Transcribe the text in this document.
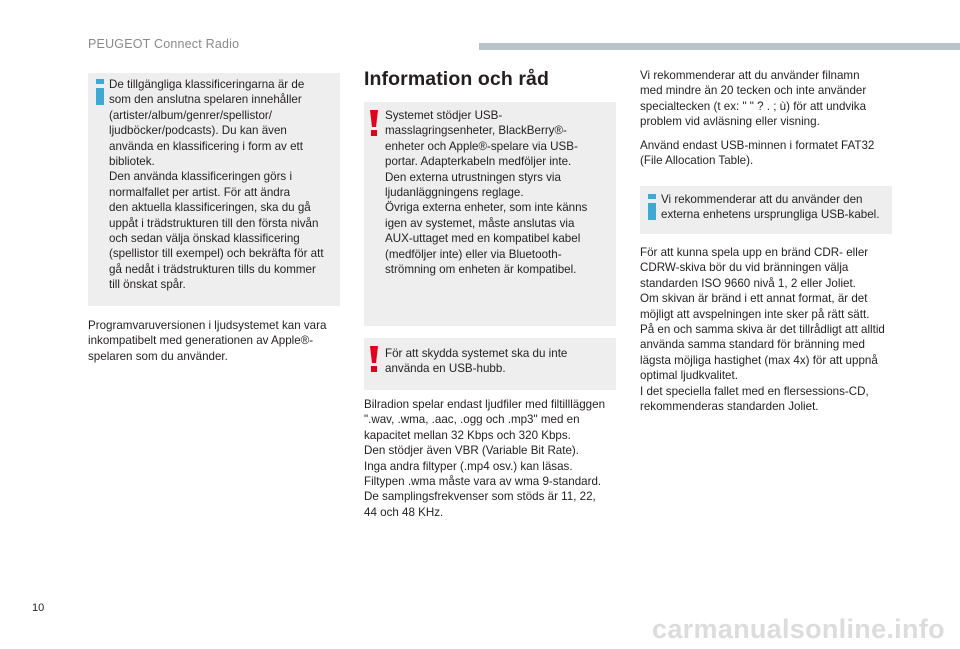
PEUGEOT Connect Radio

De tillgängliga klassificeringarna är de
som den anslutna spelaren innehåller
(artister/album/genrer/spellistor/
ljudböcker/podcasts). Du kan även
använda en klassificering i form av ett
bibliotek.
Den använda klassificeringen görs i
normalfallet per artist. För att ändra
den aktuella klassificeringen, ska du gå
uppåt i trädstrukturen till den första nivån
och sedan välja önskad klassificering
(spellistor till exempel) och bekräfta för att
gå nedåt i trädstrukturen tills du kommer
till önskat spår.

Programvaruversionen i ljudsystemet kan vara
inkompatibelt med generationen av Apple®-
spelaren som du använder.

Information och råd

Systemet stödjer USB-
masslagringsenheter, BlackBerry®-
enheter och Apple®-spelare via USB-
portar. Adapterkabeln medföljer inte.
Den externa utrustningen styrs via
ljudanläggningens reglage.
Övriga externa enheter, som inte känns
igen av systemet, måste anslutas via
AUX-uttaget med en kompatibel kabel
(medföljer inte) eller via Bluetooth-
strömning om enheten är kompatibel.

För att skydda systemet ska du inte
använda en USB-hubb.

Bilradion spelar endast ljudfiler med filtillläggen
".wav, .wma, .aac, .ogg och .mp3" med en
kapacitet mellan 32 Kbps och 320 Kbps.
Den stödjer även VBR (Variable Bit Rate).
Inga andra filtyper (.mp4 osv.) kan läsas.
Filtypen .wma måste vara av wma 9-standard.
De samplingsfrekvenser som stöds är 11, 22,
44 och 48 KHz.

Vi rekommenderar att du använder filnamn
med mindre än 20 tecken och inte använder
specialtecken (t ex: " " ? . ; ù) för att undvika
problem vid avläsning eller visning.

Använd endast USB-minnen i formatet FAT32
(File Allocation Table).

Vi rekommenderar att du använder den
externa enhetens ursprungliga USB-kabel.

För att kunna spela upp en bränd CDR- eller
CDRW-skiva bör du vid bränningen välja
standarden ISO 9660 nivå 1, 2 eller Joliet.
Om skivan är bränd i ett annat format, är det
möjligt att avspelningen inte sker på rätt sätt.
På en och samma skiva är det tillrådligt att alltid
använda samma standard för bränning med
lägsta möjliga hastighet (max 4x) för att uppnå
optimal ljudkvalitet.
I det speciella fallet med en flersessions-CD,
rekommenderas standarden Joliet.

10
carmanualsonline.info
